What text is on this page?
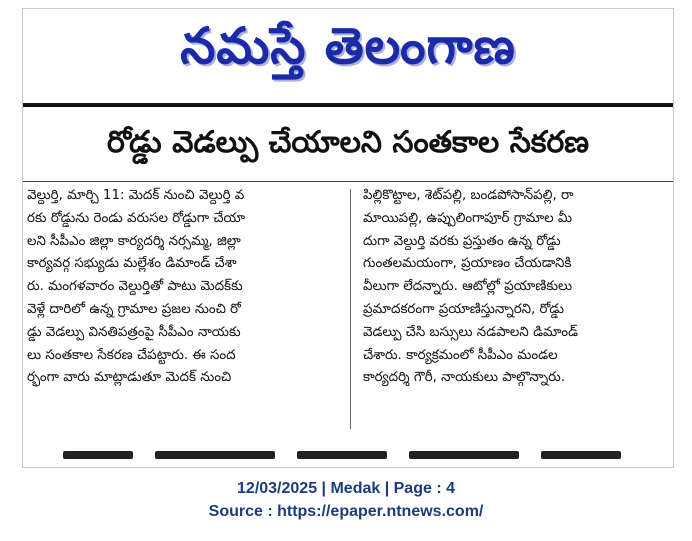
నమస్తే తెలంగాణ
రోడ్డు వెడల్పు చేయాలని సంతకాల సేకరణ
వెల్దుర్తి, మార్చి 11: మెదక్ నుంచి వెల్దుర్తి వ
రకు రోడ్డును రెండు వరుసల రోడ్డుగా చేయా
లని సీపీఎం జిల్లా కార్యదర్శి నర్సమ్మ, జిల్లా
కార్యవర్గ సభ్యుడు మల్లేశం డిమాండ్ చేశా
రు. మంగళవారం వెల్దుర్తితో పాటు మెదక్‌కు
వెళ్లే దారిలో ఉన్న గ్రామాల ప్రజల నుంచి రో
డ్డు వెడల్పు వినతిపత్రంపై సీపీఎం నాయకు
లు సంతకాల సేకరణ చేపట్టారు. ఈ సంద
ర్భంగా వారు మాట్లాడుతూ మెదక్ నుంచి
పిల్లికొట్టాల, శెట్‌పల్లి, బండపోసాన్‌పల్లి, రా
మాయిపల్లి, ఉప్పులింగాపూర్ గ్రామాల మీ
దుగా వెల్దుర్తి వరకు ప్రస్తుతం ఉన్న రోడ్డు
గుంతలమయంగా, ప్రయాణం చేయడానికి
వీలుగా లేదన్నారు. ఆటోల్లో ప్రయాణికులు
ప్రమాదకరంగా ప్రయాణిస్తున్నారని, రోడ్డు
వెడల్పు చేసి బస్సులు నడపాలని డిమాండ్
చేశారు. కార్యక్రమంలో సీపీఎం మండల
కార్యదర్శి గౌరీ, నాయకులు పాల్గొన్నారు.
12/03/2025 | Medak | Page : 4
Source : https://epaper.ntnews.com/
